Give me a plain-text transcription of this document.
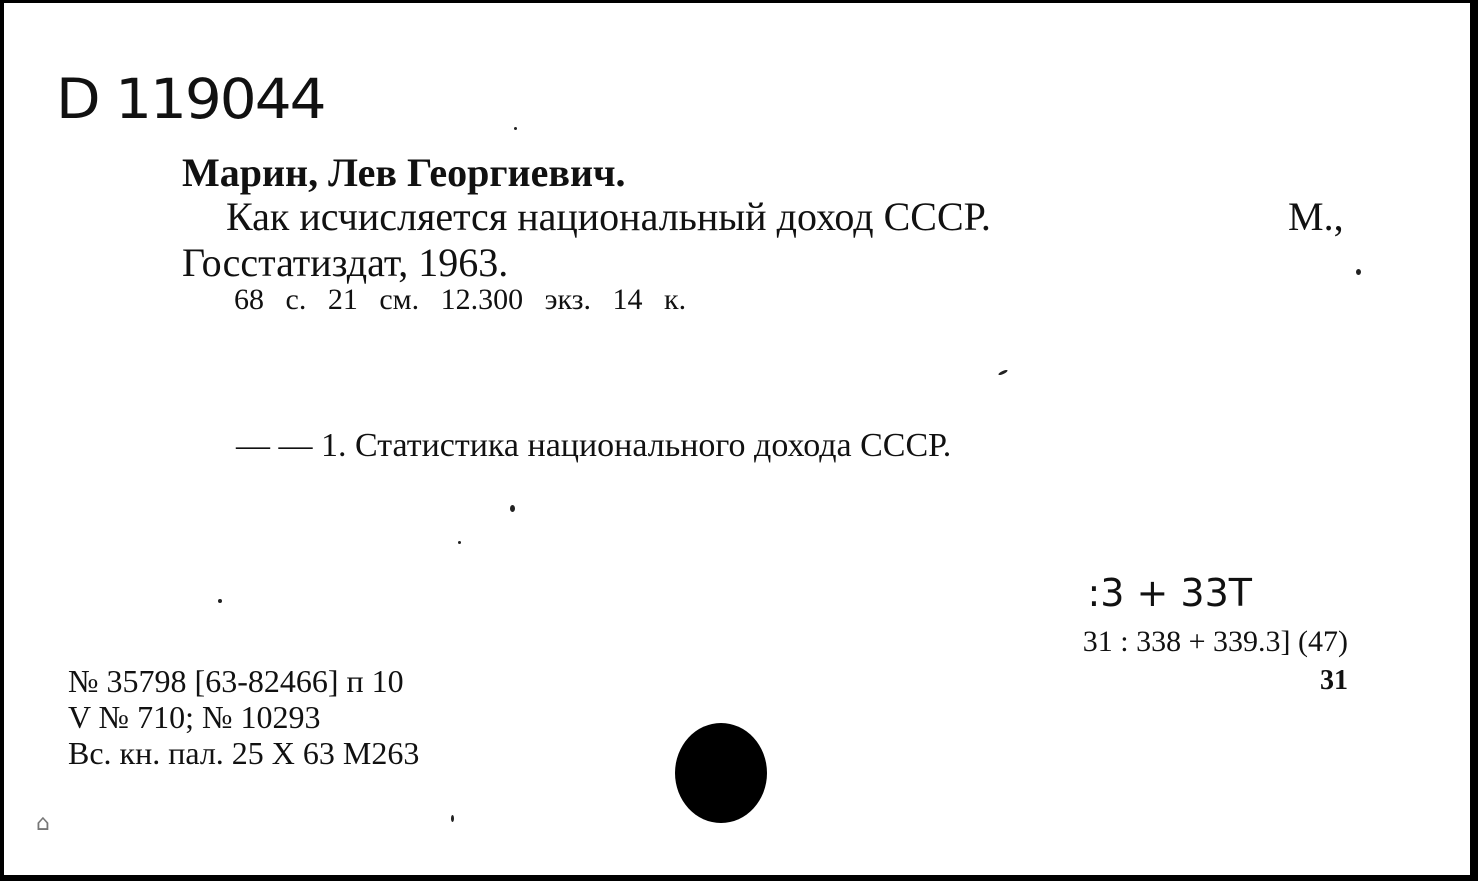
D 119044
Марин, Лев Георгиевич.
Как исчисляется национальный доход СССР.	М.,
Госстатиздат, 1963.
68 с. 21 см. 12.300 экз. 14 к.
— — 1. Статистика национального дохода СССР.
:3 + 33Т
31 : 338 + 339.3] (47)
31
№ 35798 [63-82466] п 10
V № 710; № 10293
Вс. кн. пал. 25 X 63 М263
⌂
